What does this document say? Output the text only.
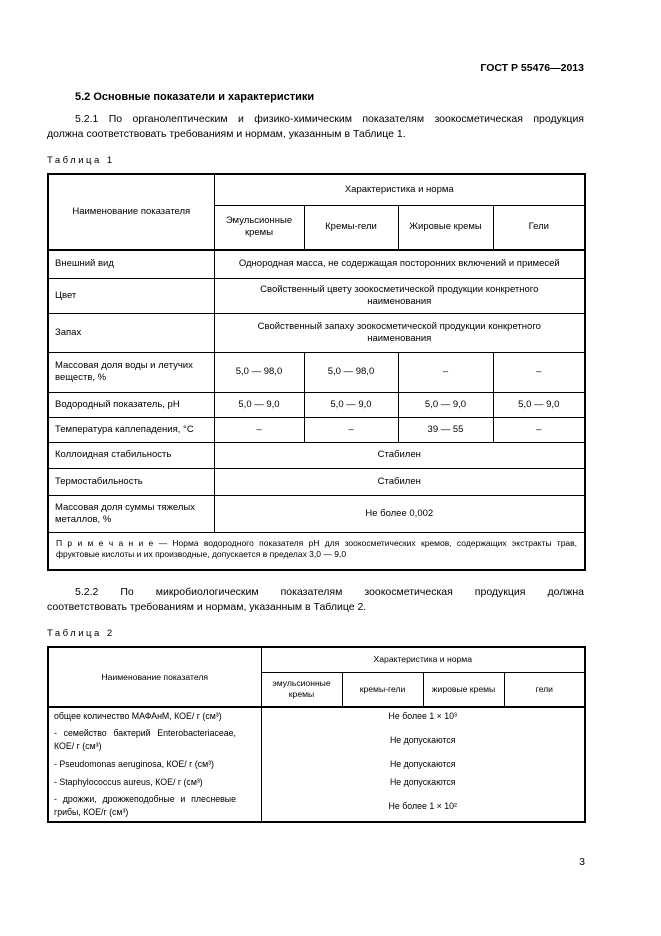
ГОСТ Р 55476—2013
5.2 Основные показатели и характеристики
5.2.1 По органолептическим и физико-химическим показателям зоокосметическая продукция
должна соответствовать требованиям и нормам, указанным в Таблице 1.
Таблица 1
Наименование показателя	Характеристика и норма			
	Эмульсионные кремы	Кремы-гели	Жировые кремы	Гели
Внешний вид	Однородная масса, не содержащая посторонних включений и примесей			
Цвет	Свойственный цвету зоокосметической продукции конкретного наименования			

Запах	Свойственный запаху зоокосметической продукции конкретного наименования			

Массовая доля воды и летучих веществ, %	5,0 — 98,0	5,0 — 98,0	–	–
Водородный показатель, рН	5,0 — 9,0	5,0 — 9,0	5,0 — 9,0	5,0 — 9,0
Температура каплепадения, °С	–	–	39 — 55	–
Коллоидная стабильность	Стабилен			
Термостабильность	Стабилен			
Массовая доля суммы тяжелых металлов, %	Не более 0,002			

П р и м е ч а н и е — Норма водородного показателя рН для зоокосметических кремов, содержащих экстракты трав,
фруктовые кислоты и их производные, допускается в пределах 3,0 — 9,0				
5.2.2 По микробиологическим показателям зоокосметическая продукция должна
соответствовать требованиям и нормам, указанным в Таблице 2.
Таблица 2
Наименование показателя	Характеристика и норма			
	эмульсионные кремы	кремы-гели	жировые кремы	гели

общее количество МАФАнМ, КОЕ/ г (см³)	Не более 1 × 10³			

- семейство бактерий Enterobacteriaceae, КОЕ/ г (см³)	Не допускаются			

- Pseudomonas aeruginosa, КОЕ/ г (см³)	Не допускаются			

- Staphylococcus aureus, КОЕ/ г (см³)	Не допускаются			

- дрожжи, дрожжеподобные и плесневые грибы, КОЕ/г (см³)	Не более 1 × 10²			
3
